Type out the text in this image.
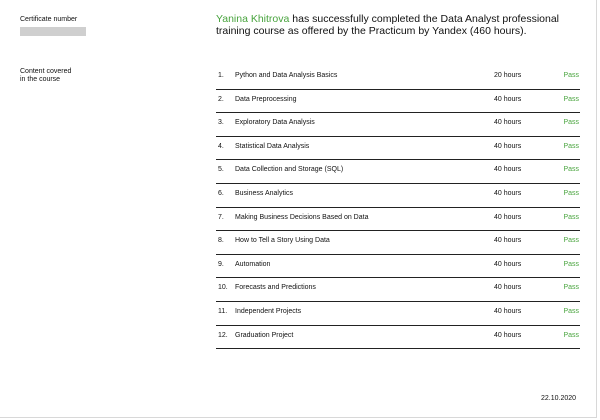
Certificate number
Content covered
in the course
Yanina Khitrova has successfully completed the Data Analyst professional training course as offered by the Practicum by Yandex (460 hours).
1. Python and Data Analysis Basics	20 hours	Pass
2. Data Preprocessing	40 hours	Pass
3. Exploratory Data Analysis	40 hours	Pass
4. Statistical Data Analysis	40 hours	Pass
5. Data Collection and Storage (SQL)	40 hours	Pass
6. Business Analytics	40 hours	Pass
7. Making Business Decisions Based on Data	40 hours	Pass
8. How to Tell a Story Using Data	40 hours	Pass
9. Automation	40 hours	Pass
10. Forecasts and Predictions	40 hours	Pass
11. Independent Projects	40 hours	Pass
12. Graduation Project	40 hours	Pass
22.10.2020
